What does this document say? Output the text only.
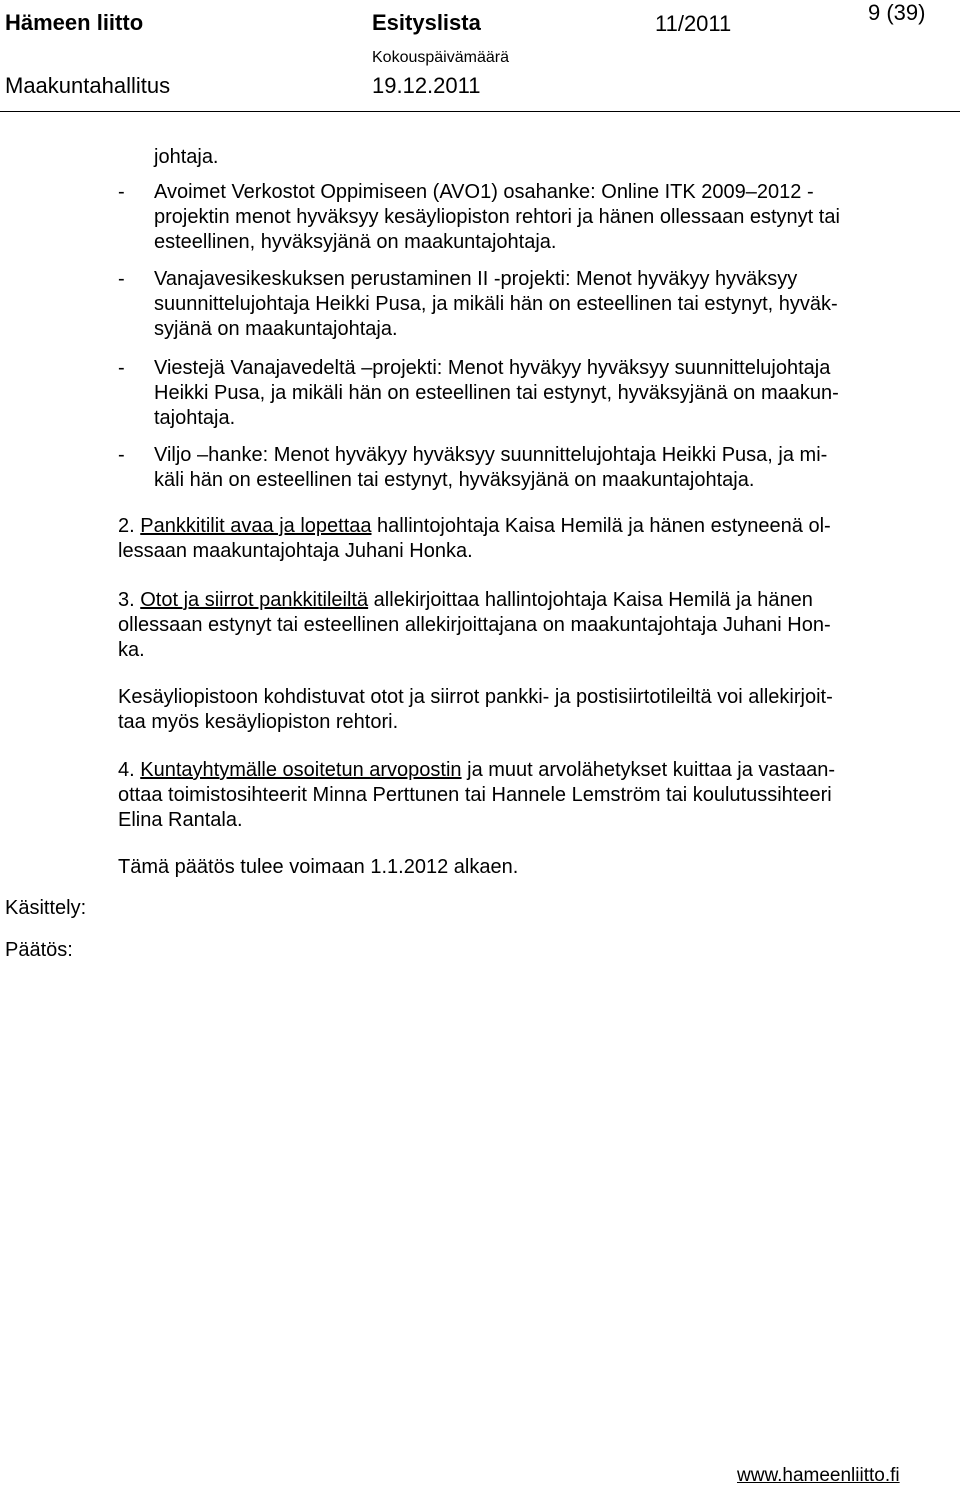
Hämeen liitto	Esityslista	11/2011	9 (39)
Kokouspäivämäärä
Maakuntahallitus	19.12.2011
johtaja.
- Avoimet Verkostot Oppimiseen (AVO1) osahanke: Online ITK 2009–2012 -
projektin menot hyväksyy kesäyliopiston rehtori ja hänen ollessaan estynyt tai
esteellinen, hyväksyjänä on maakuntajohtaja.
- Vanajavesikeskuksen perustaminen II -projekti: Menot hyväkyy hyväksyy
suunnittelujohtaja Heikki Pusa, ja mikäli hän on esteellinen tai estynyt, hyväk-
syjänä on maakuntajohtaja.
- Viestejä Vanajavedeltä –projekti: Menot hyväkyy hyväksyy suunnittelujohtaja
Heikki Pusa, ja mikäli hän on esteellinen tai estynyt, hyväksyjänä on maakun-
tajohtaja.
- Viljo –hanke: Menot hyväkyy hyväksyy suunnittelujohtaja Heikki Pusa, ja mi-
käli hän on esteellinen tai estynyt, hyväksyjänä on maakuntajohtaja.
2. Pankkitilit avaa ja lopettaa hallintojohtaja Kaisa Hemilä ja hänen estyneenä ol-
lessaan maakuntajohtaja Juhani Honka.
3. Otot ja siirrot pankkitileiltä allekirjoittaa hallintojohtaja Kaisa Hemilä ja hänen
ollessaan estynyt tai esteellinen allekirjoittajana on maakuntajohtaja Juhani Hon-
ka.
Kesäyliopistoon kohdistuvat otot ja siirrot pankki- ja postisiirtotileiltä voi allekirjoit-
taa myös kesäyliopiston rehtori.
4. Kuntayhtymälle osoitetun arvopostin ja muut arvolähetykset kuittaa ja vastaan-
ottaa toimistosihteerit Minna Perttunen tai Hannele Lemström tai koulutussihteeri
Elina Rantala.
Tämä päätös tulee voimaan 1.1.2012 alkaen.
Käsittely:
Päätös:
www.hameenliitto.fi
